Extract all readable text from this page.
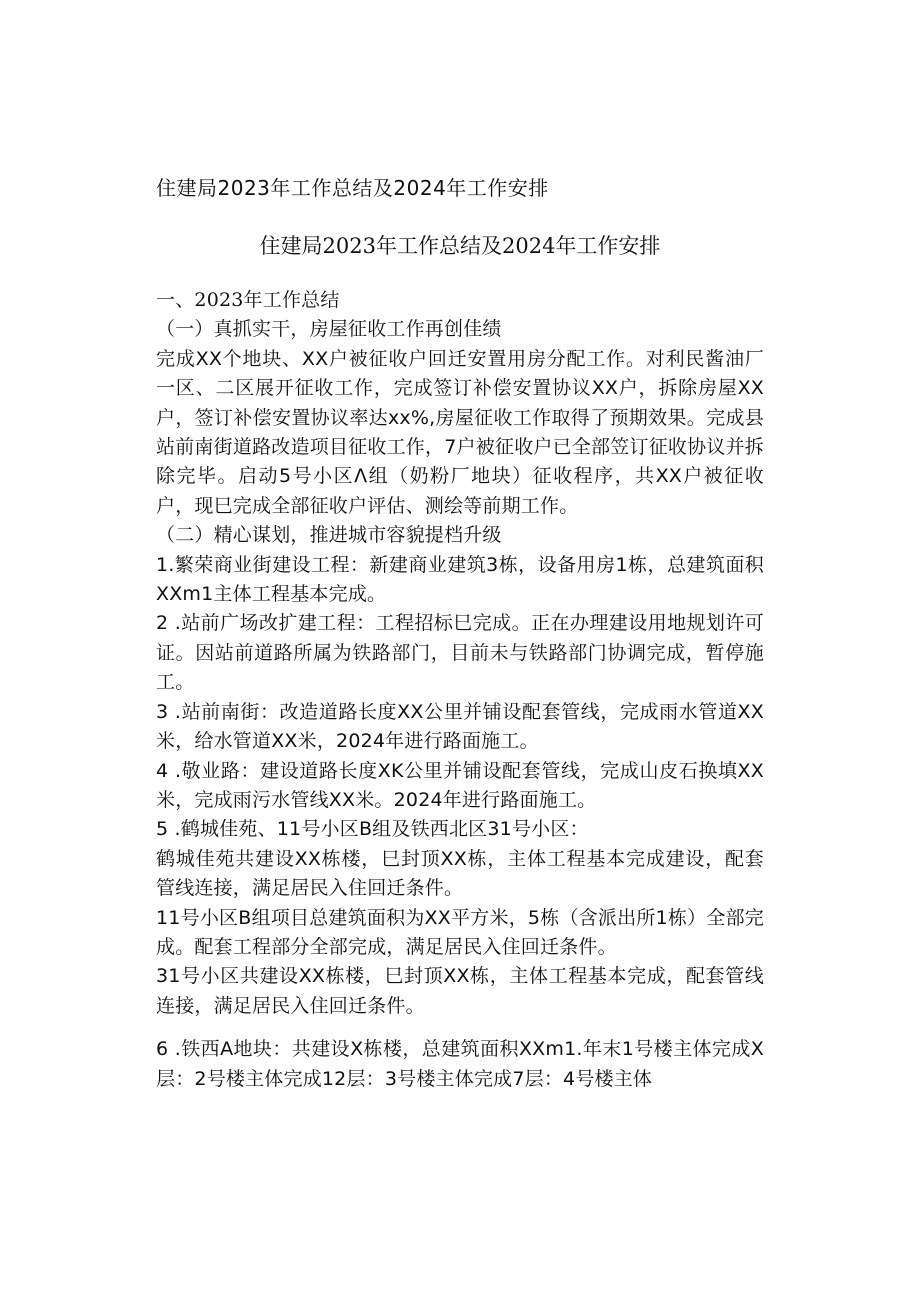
住建局2023年工作总结及2024年工作安排
住建局2023年工作总结及2024年工作安排

一、2023年工作总结

（一）真抓实干，房屋征收工作再创佳绩

完成XX个地块、XX户被征收户回迁安置用房分配工作。对利民酱油厂一区、二区展开征收工作，完成签订补偿安置协议XX户，拆除房屋XX户，签订补偿安置协议率达xx%,房屋征收工作取得了预期效果。完成县站前南街道路改造项目征收工作，7户被征收户已全部笠订征收协议并拆除完毕。启动5号小区Λ组（奶粉厂地块）征收程序，共XX户被征收户，现巳完成全部征收户评估、测绘等前期工作。

（二）精心谋划，推进城市容貌提档升级

1.繁荣商业街建设工程：新建商业建筑3栋，设备用房1栋，总建筑面积XXm1主体工程基本完成。

2 .站前广场改扩建工程：工程招标巳完成。正在办理建设用地规划许可证。因站前道路所属为铁路部门，目前未与铁路部门协调完成，暂停施工。

3 .站前南街：改造道路长度XX公里并铺设配套管线，完成雨水管道XX米，给水管道XX米，2024年进行路面施工。

4 .敬业路：建设道路长度XK公里并铺设配套管线，完成山皮石换填XX米，完成雨污水管线XX米。2024年进行路面施工。

5 .鹤城佳苑、11号小区B组及铁西北区31号小区：

鹤城佳苑共建设XX栋楼，巳封顶XX栋，主体工程基本完成建设，配套管线连接，满足居民入住回迁条件。

11号小区B组项目总建筑面积为XX平方米，5栋（含派出所1栋）全部完成。配套工程部分全部完成，满足居民入住回迁条件。

31号小区共建设XX栋楼，巳封顶XX栋，主体工程基本完成，配套管线连接，满足居民入住回迁条件。

6 .铁西A地块：共建设X栋楼，总建筑面积XXm1.年末1号楼主体完成X层：2号楼主体完成12层：3号楼主体完成7层：4号楼主体
